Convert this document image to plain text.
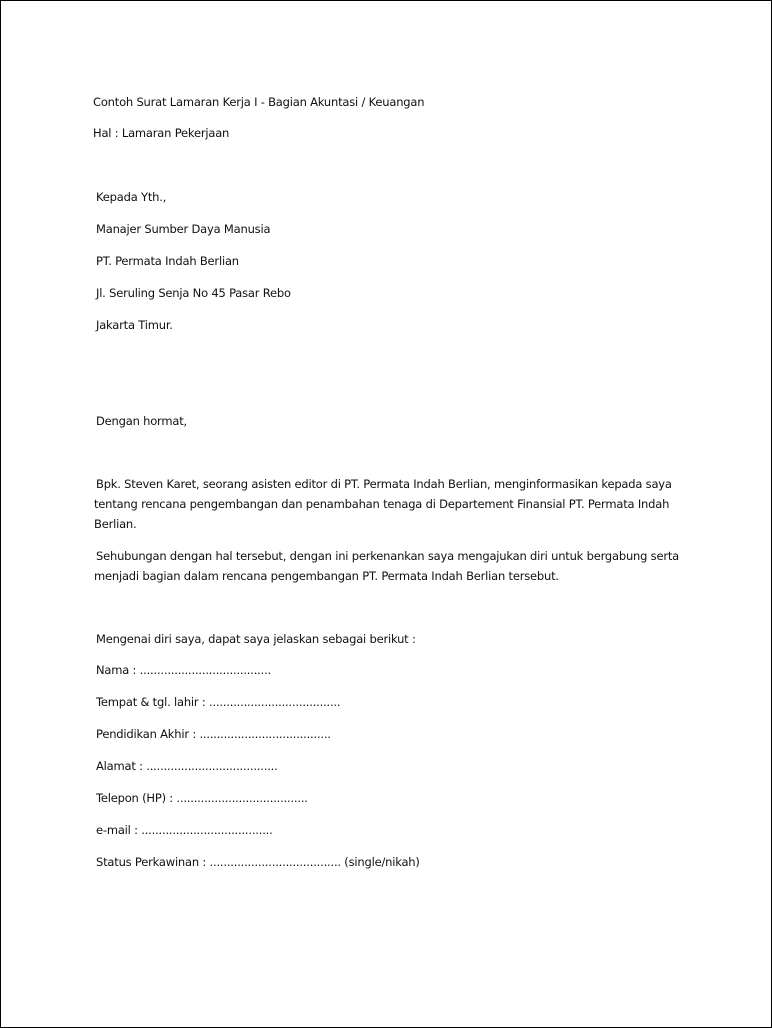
Contoh Surat Lamaran Kerja I - Bagian Akuntasi / Keuangan
Hal : Lamaran Pekerjaan
Kepada Yth.,
Manajer Sumber Daya Manusia
PT. Permata Indah Berlian
Jl. Seruling Senja No 45 Pasar Rebo
Jakarta Timur.
Dengan hormat,
Bpk. Steven Karet, seorang asisten editor di PT. Permata Indah Berlian, menginformasikan kepada saya tentang rencana pengembangan dan penambahan tenaga di Departement Finansial PT. Permata Indah Berlian.
Sehubungan dengan hal tersebut, dengan ini perkenankan saya mengajukan diri untuk bergabung serta menjadi bagian dalam rencana pengembangan PT. Permata Indah Berlian tersebut.
Mengenai diri saya, dapat saya jelaskan sebagai berikut :
Nama : ......................................
Tempat & tgl. lahir : ......................................
Pendidikan Akhir : ......................................
Alamat : ......................................
Telepon (HP) : ......................................
e-mail : ......................................
Status Perkawinan : ...................................... (single/nikah)
